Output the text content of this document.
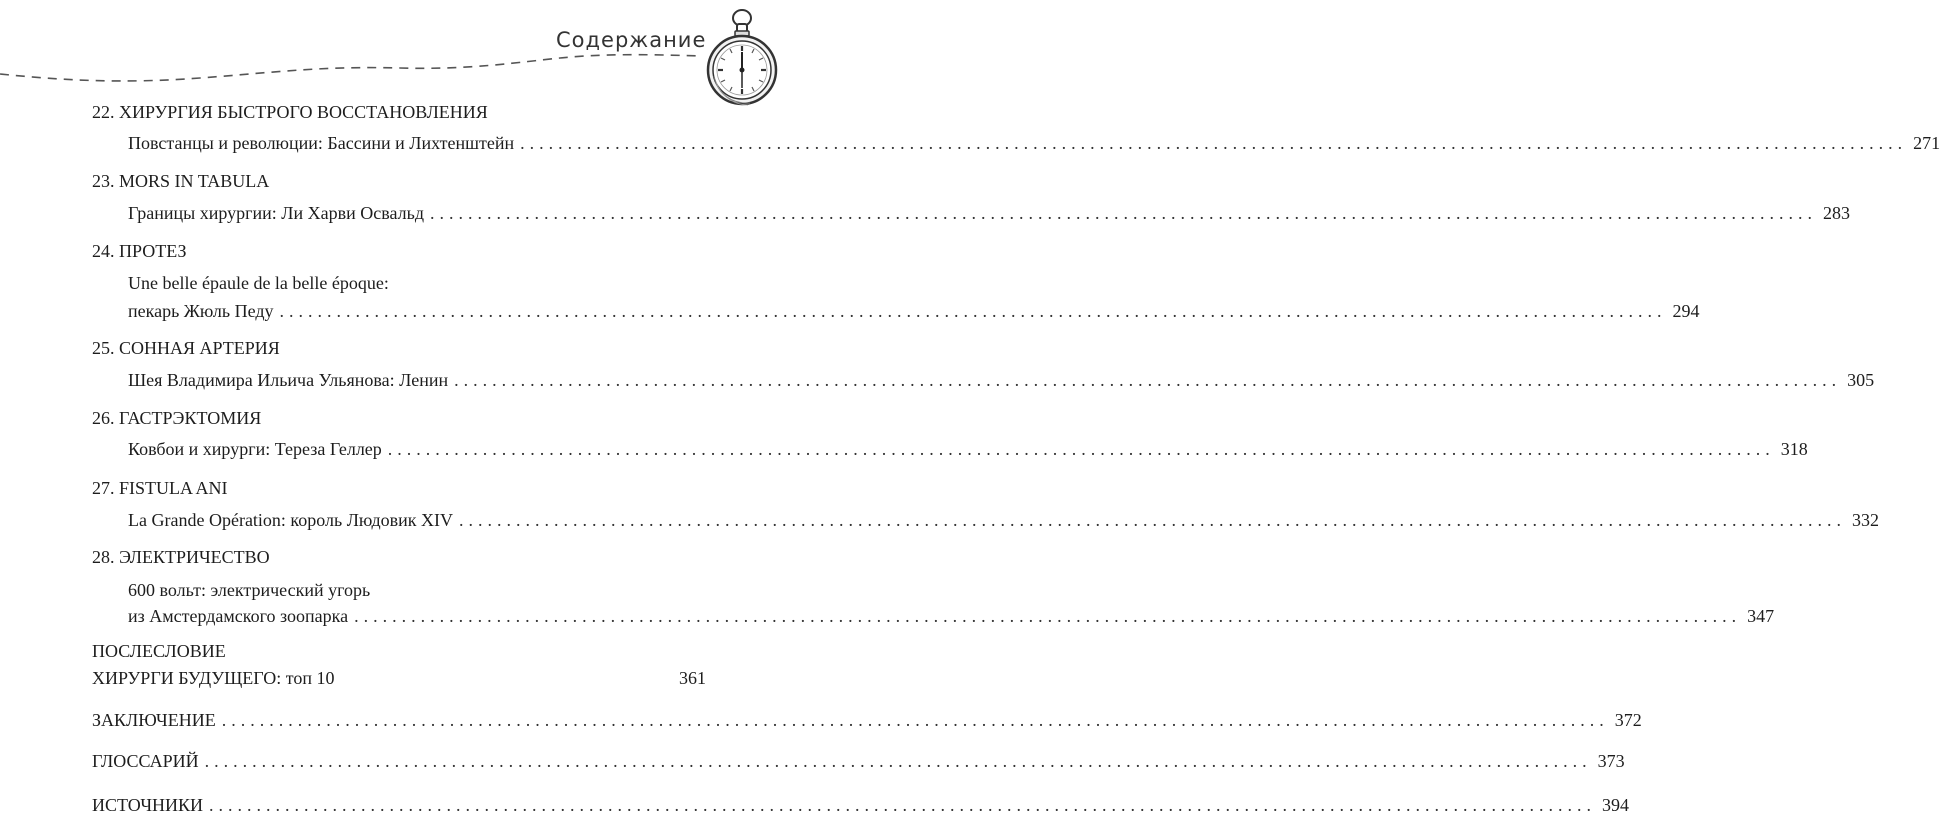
Содержание
22. ХИРУРГИЯ БЫСТРОГО ВОССТАНОВЛЕНИЯ
Повстанцы и революции: Бассини и Лихтенштейн .................................................................................................................................................. 271
23. MORS IN TABULA
Границы хирургии: Ли Харви Освальд .................................................................................................................................................. 283
24. ПРОТЕЗ
Une belle épaule de la belle époque:
пекарь Жюль Педу .................................................................................................................................................. 294
25. СОННАЯ АРТЕРИЯ
Шея Владимира Ильича Ульянова: Ленин .................................................................................................................................................. 305
26. ГАСТРЭКТОМИЯ
Ковбои и хирурги: Тереза Геллер .................................................................................................................................................. 318
27. FISTULA ANI
La Grande Opération: король Людовик XIV .................................................................................................................................................. 332
28. ЭЛЕКТРИЧЕСТВО
600 вольт: электрический угорь
из Амстердамского зоопарка .................................................................................................................................................. 347
ПОСЛЕСЛОВИЕ
ХИРУРГИ БУДУЩЕГО: топ 10	361
ЗАКЛЮЧЕНИЕ .................................................................................................................................................. 372
ГЛОССАРИЙ .................................................................................................................................................. 373
ИСТОЧНИКИ .................................................................................................................................................. 394
